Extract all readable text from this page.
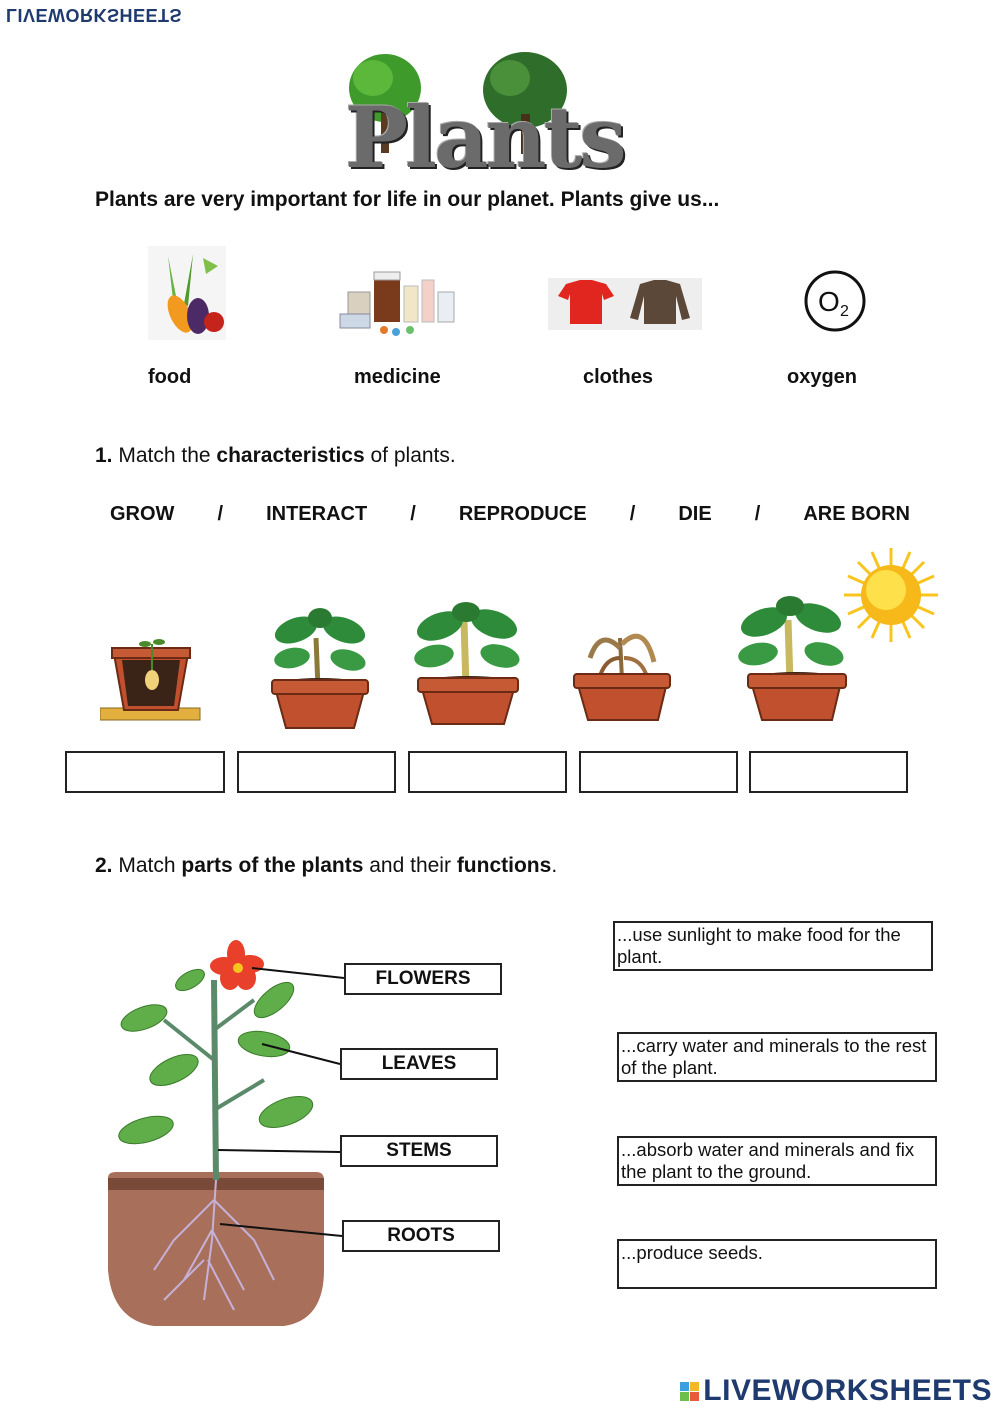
LIVEWORKSHEETS
Plants
Plants are very important for life in our planet. Plants give us...
O 2
food	medicine	clothes	oxygen
1. Match the characteristics of plants.
GROW / INTERACT / REPRODUCE / DIE / ARE BORN
2. Match parts of the plants and their functions.
FLOWERS
LEAVES
STEMS
ROOTS
...use sunlight to make food for the plant.
...carry water and minerals to the rest of the plant.
...absorb water and minerals and fix the plant to the ground.
...produce seeds.
LIVEWORKSHEETS
